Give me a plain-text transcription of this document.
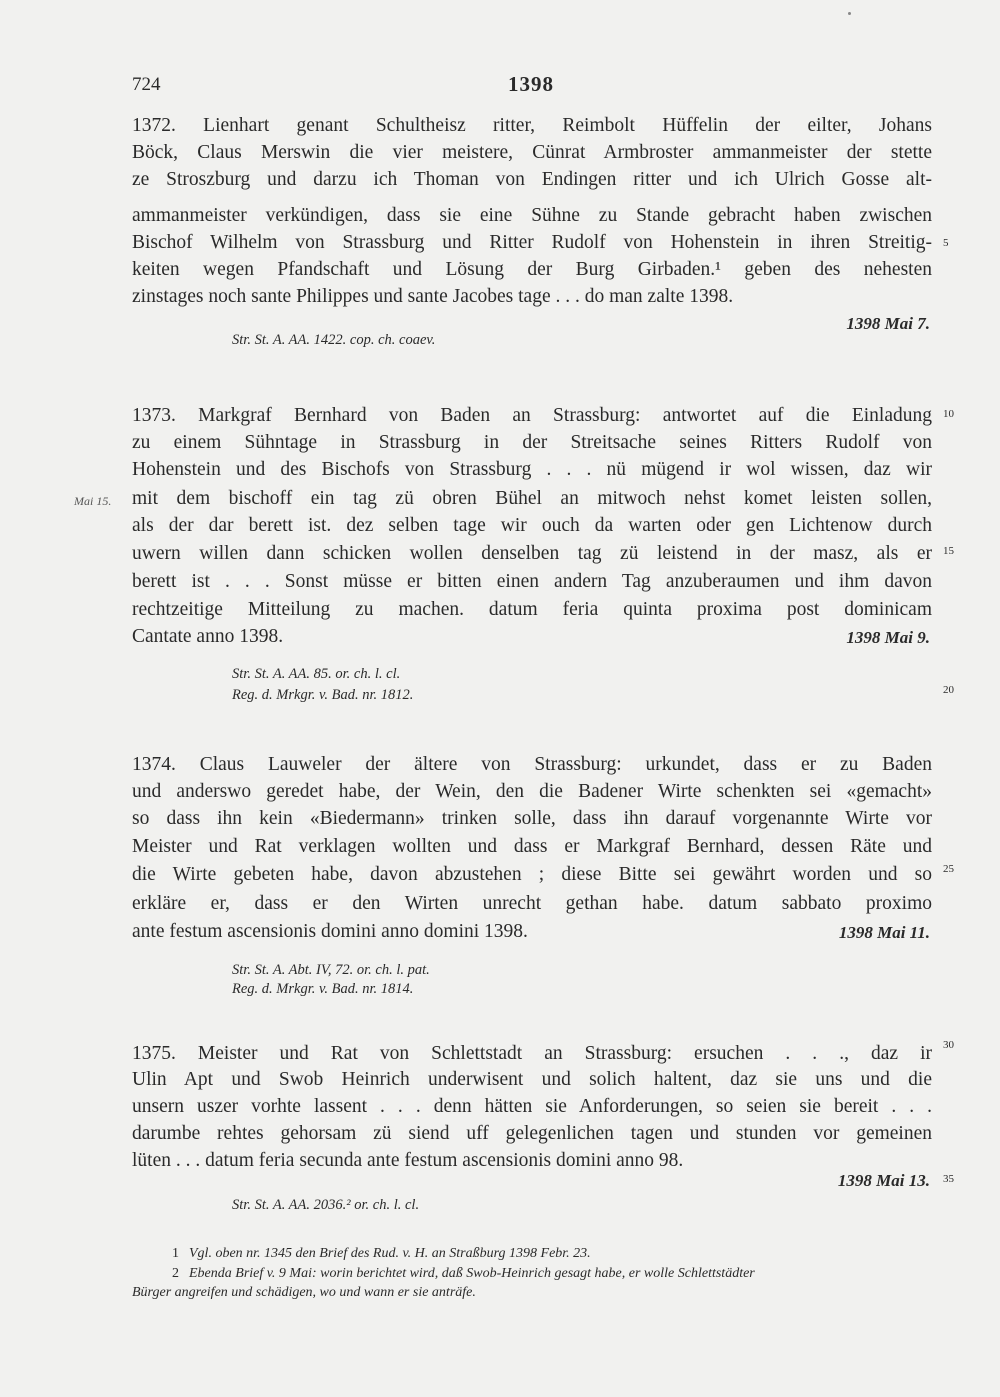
724	1398
1372. Lienhart genant Schultheisz ritter, Reimbolt Hüffelin der eilter, Johans
Böck, Claus Merswin die vier meistere, Cünrat Armbroster ammanmeister der stette
ze Stroszburg und darzu ich Thoman von Endingen ritter und ich Ulrich Gosse alt-
ammanmeister verkündigen, dass sie eine Sühne zu Stande gebracht haben zwischen
Bischof Wilhelm von Strassburg und Ritter Rudolf von Hohenstein in ihren Streitig-
keiten wegen Pfandschaft und Lösung der Burg Girbaden.¹ geben des nehesten
zinstages noch sante Philippes und sante Jacobes tage . . . do man zalte 1398.
1398 Mai 7.
Str. St. A. AA. 1422. cop. ch. coaev.
Mai 15.
1373. Markgraf Bernhard von Baden an Strassburg: antwortet auf die Einladung
zu einem Sühntage in Strassburg in der Streitsache seines Ritters Rudolf von
Hohenstein und des Bischofs von Strassburg . . . nü mügend ir wol wissen, daz wir
mit dem bischoff ein tag zü obren Bühel an mitwoch nehst komet leisten sollen,
als der dar berett ist. dez selben tage wir ouch da warten oder gen Lichtenow durch
uwern willen dann schicken wollen denselben tag zü leistend in der masz, als er
berett ist . . . Sonst müsse er bitten einen andern Tag anzuberaumen und ihm davon
rechtzeitige Mitteilung zu machen. datum feria quinta proxima post dominicam
Cantate anno 1398.	1398 Mai 9.
Str. St. A. AA. 85. or. ch. l. cl.
Reg. d. Mrkgr. v. Bad. nr. 1812.
1374. Claus Lauweler der ältere von Strassburg: urkundet, dass er zu Baden
und anderswo geredet habe, der Wein, den die Badener Wirte schenkten sei «gemacht»
so dass ihn kein «Biedermann» trinken solle, dass ihn darauf vorgenannte Wirte vor
Meister und Rat verklagen wollten und dass er Markgraf Bernhard, dessen Räte und
die Wirte gebeten habe, davon abzustehen ; diese Bitte sei gewährt worden und so
erkläre er, dass er den Wirten unrecht gethan habe. datum sabbato proximo
ante festum ascensionis domini anno domini 1398.	1398 Mai 11.
Str. St. A. Abt. IV, 72. or. ch. l. pat.
Reg. d. Mrkgr. v. Bad. nr. 1814.
1375. Meister und Rat von Schlettstadt an Strassburg: ersuchen . . ., daz ir
Ulin Apt und Swob Heinrich underwisent und solich haltent, daz sie uns und die
unsern uszer vorhte lassent . . . denn hätten sie Anforderungen, so seien sie bereit . . .
darumbe rehtes gehorsam zü siend uff gelegenlichen tagen und stunden vor gemeinen
lüten . . . datum feria secunda ante festum ascensionis domini anno 98.
1398 Mai 13.
Str. St. A. AA. 2036.² or. ch. l. cl.
5
10
15
20
25
30
35
1 Vgl. oben nr. 1345 den Brief des Rud. v. H. an Straßburg 1398 Febr. 23.
2 Ebenda Brief v. 9 Mai: worin berichtet wird, daß Swob-Heinrich gesagt habe, er wolle Schlettstädter
Bürger angreifen und schädigen, wo und wann er sie anträfe.
